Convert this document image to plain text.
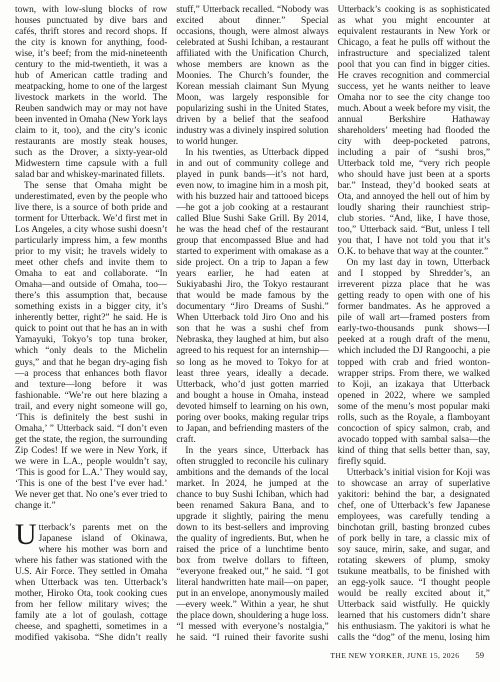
town, with low-slung blocks of row houses punctuated by dive bars and cafés, thrift stores and record shops. If the city is known for anything, food-wise, it’s beef; from the mid-nineteenth century to the mid-twentieth, it was a hub of American cattle trading and meatpacking, home to one of the largest livestock markets in the world. The Reuben sandwich may or may not have been invented in Omaha (New York lays claim to it, too), and the city’s iconic restaurants are mostly steak houses, such as the Drover, a sixty-year-old Midwestern time capsule with a full salad bar and whiskey-marinated fillets.

The sense that Omaha might be underestimated, even by the people who live there, is a source of both pride and torment for Utterback. We’d first met in Los Angeles, a city whose sushi doesn’t particularly impress him, a few months prior to my visit; he travels widely to meet other chefs and invite them to Omaha to eat and collaborate. “In Omaha—and outside of Omaha, too—there’s this assumption that, because something exists in a bigger city, it’s inherently better, right?” he said. He is quick to point out that he has an in with Yamayuki, Tokyo’s top tuna broker, which “only deals to the Michelin guys,” and that he began dry-aging fish—a process that enhances both flavor and texture—long before it was fashionable. “We’re out here blazing a trail, and every night someone will go, ‘This is definitely the best sushi in Omaha,’ ” Utterback said. “I don’t even get the state, the region, the surrounding Zip Codes! If we were in New York, if we were in L.A., people wouldn’t say, ‘This is good for L.A.’ They would say, ‘This is one of the best I’ve ever had.’ We never get that. No one’s ever tried to change it.”

Utterback’s parents met on the Japanese island of Okinawa, where his mother was born and where his father was stationed with the U.S. Air Force. They settled in Omaha when Utterback was ten. Utterback’s mother, Hiroko Ota, took cooking cues from her fellow military wives; the family ate a lot of goulash, cottage cheese, and spaghetti, sometimes in a modified yakisoba. “She didn’t really

stuff,” Utterback recalled. “Nobody was excited about dinner.” Special occasions, though, were almost always celebrated at Sushi Ichiban, a restaurant affiliated with the Unification Church, whose members are known as the Moonies. The Church’s founder, the Korean messiah claimant Sun Myung Moon, was largely responsible for popularizing sushi in the United States, driven by a belief that the seafood industry was a divinely inspired solution to world hunger.

In his twenties, as Utterback dipped in and out of community college and played in punk bands—it’s not hard, even now, to imagine him in a mosh pit, with his buzzed hair and tattooed biceps—he got a job cooking at a restaurant called Blue Sushi Sake Grill. By 2014, he was the head chef of the restaurant group that encompassed Blue and had started to experiment with omakase as a side project. On a trip to Japan a few years earlier, he had eaten at Sukiyabashi Jiro, the Tokyo restaurant that would be made famous by the documentary “Jiro Dreams of Sushi.” When Utterback told Jiro Ono and his son that he was a sushi chef from Nebraska, they laughed at him, but also agreed to his request for an internship—so long as he moved to Tokyo for at least three years, ideally a decade. Utterback, who’d just gotten married and bought a house in Omaha, instead devoted himself to learning on his own, poring over books, making regular trips to Japan, and befriending masters of the craft.

In the years since, Utterback has often struggled to reconcile his culinary ambitions and the demands of the local market. In 2024, he jumped at the chance to buy Sushi Ichiban, which had been renamed Sakura Bana, and to upgrade it slightly, pairing the menu down to its best-sellers and improving the quality of ingredients. But, when he raised the price of a lunchtime bento box from twelve dollars to fifteen, “everyone freaked out,” he said. “I got literal handwritten hate mail—on paper, put in an envelope, anonymously mailed—every week.” Within a year, he shut the place down, shouldering a huge loss. “I messed with everyone’s nostalgia,” he said. “I ruined their favorite sushi

Utterback’s cooking is as sophisticated as what you might encounter at equivalent restaurants in New York or Chicago, a feat he pulls off without the infrastructure and specialized talent pool that you can find in bigger cities. He craves recognition and commercial success, yet he wants neither to leave Omaha nor to see the city change too much. About a week before my visit, the annual Berkshire Hathaway shareholders’ meeting had flooded the city with deep-pocketed patrons, including a pair of “sushi bros,” Utterback told me, “very rich people who should have just been at a sports bar.” Instead, they’d booked seats at Ota, and annoyed the hell out of him by loudly sharing their raunchiest strip-club stories. “And, like, I have those, too,” Utterback said. “But, unless I tell you that, I have not told you that it’s O.K. to behave that way at the counter.”

On my last day in town, Utterback and I stopped by Shredder’s, an irreverent pizza place that he was getting ready to open with one of his former bandmates. As he approved a pile of wall art—framed posters from early-two-thousands punk shows—I peeked at a rough draft of the menu, which included the DJ Rangoochi, a pie topped with crab and fried wonton-wrapper strips. From there, we walked to Koji, an izakaya that Utterback opened in 2022, where we sampled some of the menu’s most popular maki rolls, such as the Royale, a flamboyant concoction of spicy salmon, crab, and avocado topped with sambal salsa—the kind of thing that sells better than, say, firefly squid.

Utterback’s initial vision for Koji was to showcase an array of superlative yakitori: behind the bar, a designated chef, one of Utterback’s few Japanese employees, was carefully tending a binchotan grill, basting bronzed cubes of pork belly in tare, a classic mix of soy sauce, mirin, sake, and sugar, and rotating skewers of plump, smoky tsukune meatballs, to be finished with an egg-yolk sauce. “I thought people would be really excited about it,” Utterback said wistfully. He quickly learned that his customers didn’t share his enthusiasm. The yakitori is what he calls the “dog” of the menu, losing him

THE NEW YORKER, JUNE 15, 2026 59
